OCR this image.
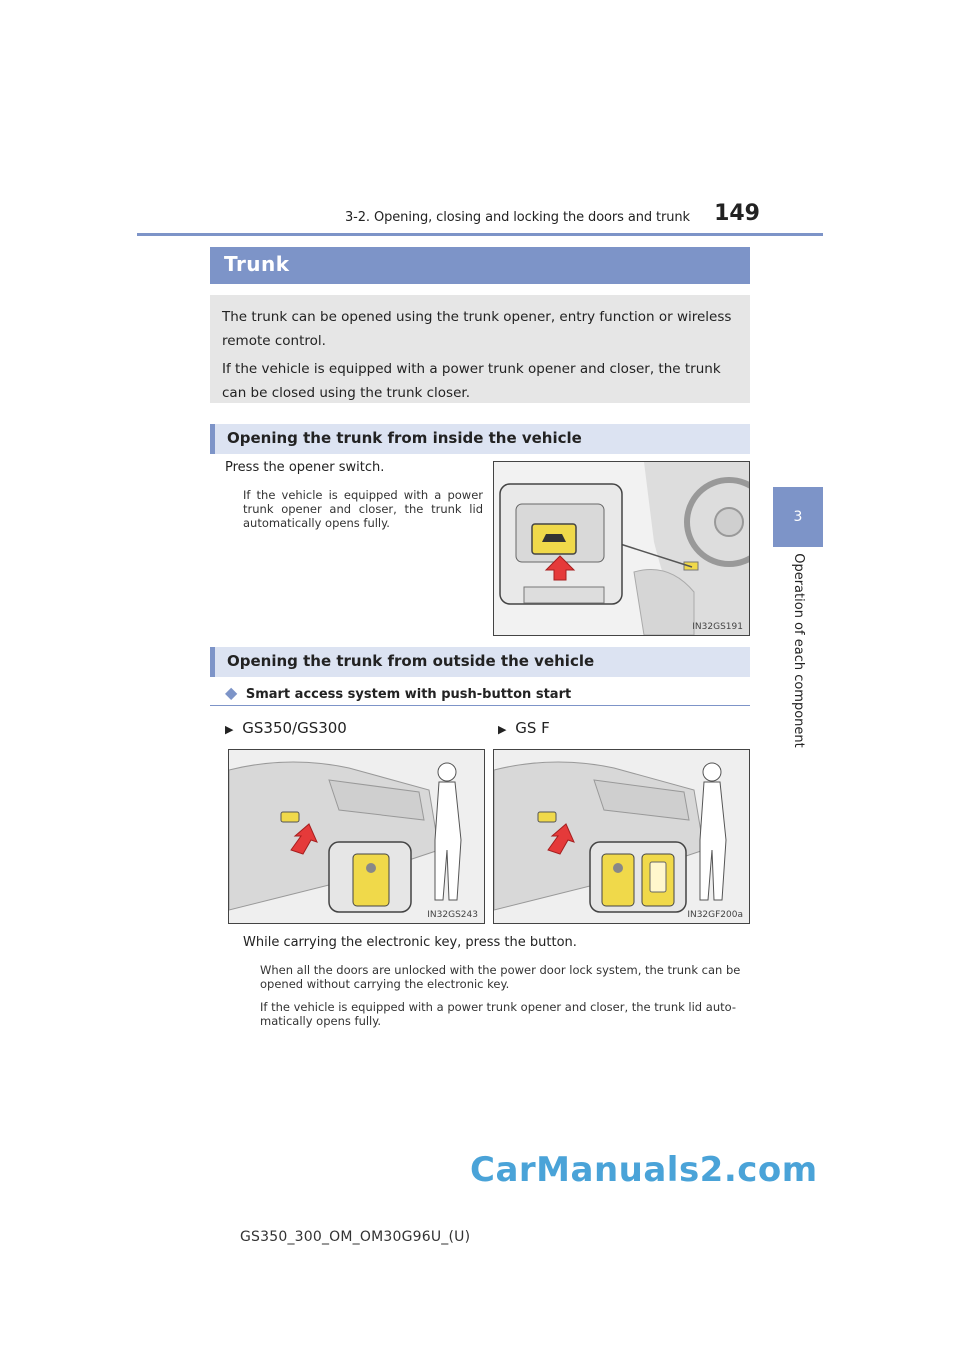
3-2. Opening, closing and locking the doors and trunk	149
3
Operation of each component
Trunk

The trunk can be opened using the trunk opener, entry function or wireless remote control.

If the vehicle is equipped with a power trunk opener and closer, the trunk can be closed using the trunk closer.

Opening the trunk from inside the vehicle
Press the opener switch.
If the vehicle is equipped with a power trunk opener and closer, the trunk lid automatically opens fully.
IN32GS191
Opening the trunk from outside the vehicle
◆ Smart access system with push-button start
▶ GS350/GS300	▶ GS F
IN32GS243	IN32GF200a
While carrying the electronic key, press the button.
When all the doors are unlocked with the power door lock system, the trunk can be opened without carrying the electronic key.
If the vehicle is equipped with a power trunk opener and closer, the trunk lid auto-matically opens fully.
CarManuals2.com
GS350_300_OM_OM30G96U_(U)
